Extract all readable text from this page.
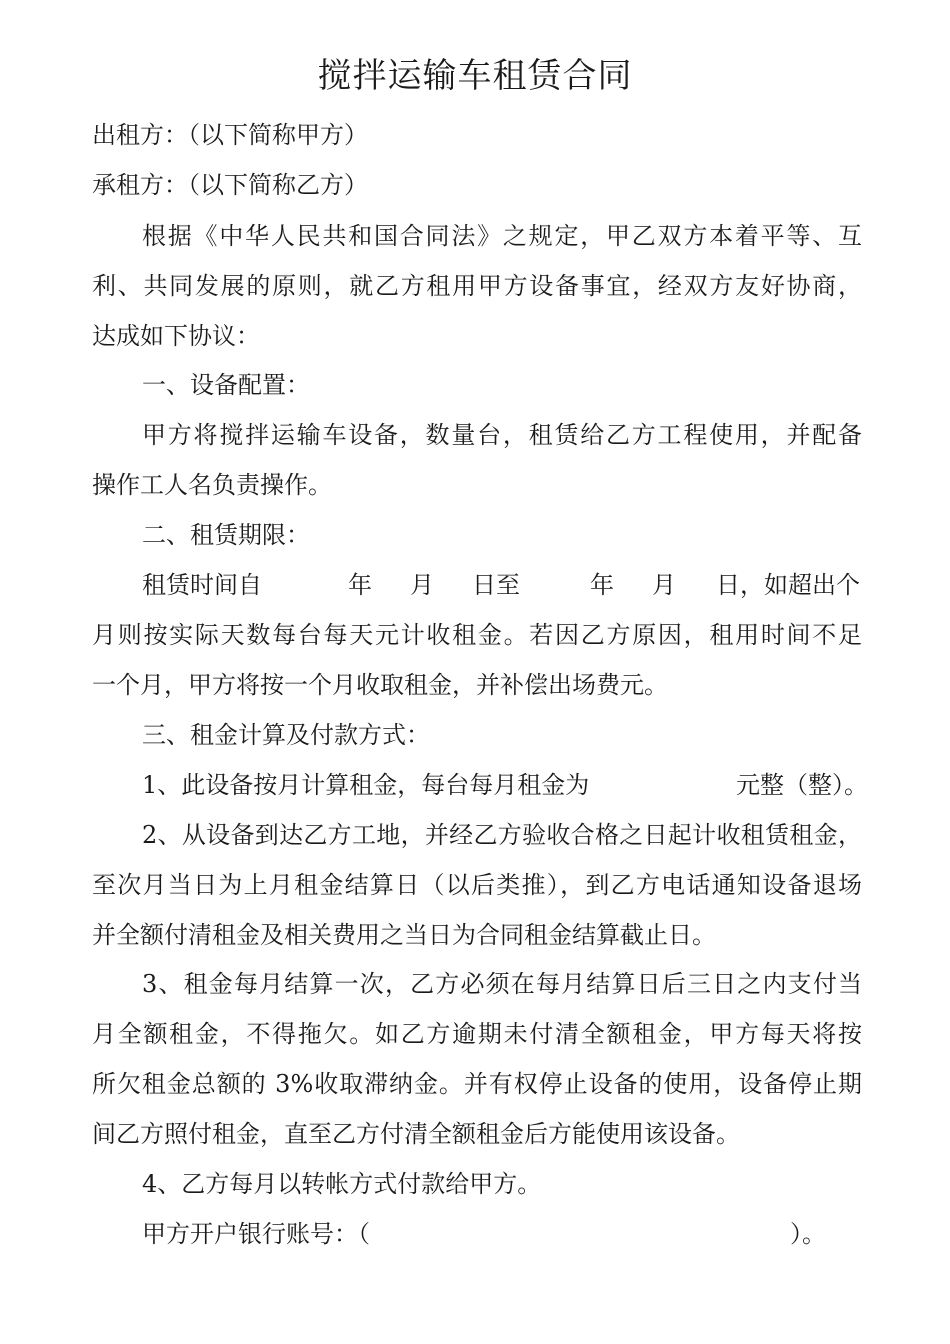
搅拌运输车租赁合同
出租方：（以下简称甲方）
承租方：（以下简称乙方）
根据《中华人民共和国合同法》之规定，甲乙双方本着平等、互
利、共同发展的原则，就乙方租用甲方设备事宜，经双方友好协商，
达成如下协议：
一、设备配置：
甲方将搅拌运输车设备，数量台，租赁给乙方工程使用，并配备
操作工人名负责操作。
二、租赁期限：
租赁时间自	年 月 日至	年 月 日，如超出个
月则按实际天数每台每天元计收租金。若因乙方原因，租用时间不足
一个月，甲方将按一个月收取租金，并补偿出场费元。
三、租金计算及付款方式：
1、此设备按月计算租金，每台每月租金为	元整（整）。
2、从设备到达乙方工地，并经乙方验收合格之日起计收租赁租金，
至次月当日为上月租金结算日（以后类推），到乙方电话通知设备退场
并全额付清租金及相关费用之当日为合同租金结算截止日。
3、租金每月结算一次，乙方必须在每月结算日后三日之内支付当
月全额租金，不得拖欠。如乙方逾期未付清全额租金，甲方每天将按
所欠租金总额的 3%收取滞纳金。并有权停止设备的使用，设备停止期
间乙方照付租金，直至乙方付清全额租金后方能使用该设备。
4、乙方每月以转帐方式付款给甲方。
甲方开户银行账号：（	）。
